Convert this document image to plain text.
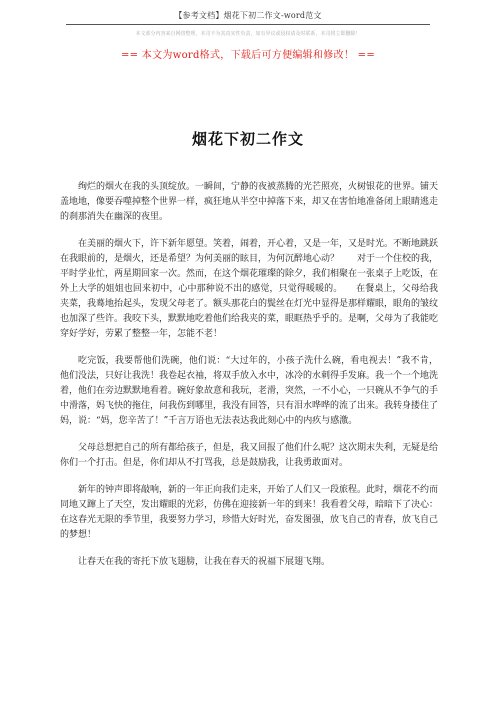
【参考文档】烟花下初二作文-word范文
本文部分内容来自网络整理，本司不为其真实性负责，如有异议或侵权请及时联系，本司将立即删除！
== 本文为word格式，下载后可方便编辑和修改！ ==
烟花下初二作文

绚烂的烟火在我的头顶绽放。一瞬间，宁静的夜被蒸腾的光芒照亮，火树银花的世界。铺天盖地地，像要吞噬掉整个世界一样，疯狂地从半空中掉落下来，却又在害怕地准备闭上眼睛逃走的刹那消失在幽深的夜里。

在美丽的烟火下，许下新年愿望。笑着，闹着，开心着，又是一年，又是时光。不断地跳跃在我眼前的，是烟火，还是希望？为何美丽的眩目，为何沉醉地心动？　　对于一个住校的我，平时学业忙，两星期回家一次。然而，在这个烟花璀璨的除夕，我们相聚在一张桌子上吃饭，在外上大学的姐姐也回来初中，心中那种说不出的感觉，只觉得暖暖的。　　在餐桌上，父母给我夹菜，我蓦地抬起头，发现父母老了。额头那花白的鬓丝在灯光中显得是那样耀眼，眼角的皱纹也加深了些许。我咬下头，默默地吃着他们给我夹的菜，眼眶热乎乎的。是啊，父母为了我能吃穿好学好，劳累了整整一年，怎能不老！

吃完饭，我要帮他们洗碗，他们说：“大过年的，小孩子洗什么碗，看电视去！”我不肯，他们没法，只好让我洗！我卷起衣袖，将双手放入水中，冰冷的水刺得手发麻。我一个一个地洗着，他们在旁边默默地看着。碗好象故意和我玩，老滑，突然，一不小心，一只碗从不争气的手中滑落，妈飞快的拖住，问我伤到哪里，我没有回答，只有泪水哗哗的流了出来。我转身搂住了妈，说：“妈，您辛苦了！”千言万语也无法表达我此刻心中的内疚与感激。

父母总想把自己的所有都给孩子，但是，我又回报了他们什么呢？这次期末失利，无疑是给你们一个打击。但是，你们却从不打骂我，总是鼓励我，让我勇敢面对。

新年的钟声即将敲响，新的一年正向我们走来，开始了人们又一段旅程。此时，烟花不约而同地又蹿上了天空，发出耀眼的光彩，仿佛在迎接新一年的到来！我看着父母，暗暗下了决心：在这春光无限的季节里，我要努力学习，珍惜大好时光，奋发图强，放飞自己的青春，放飞自己的梦想！

让春天在我的寄托下放飞翅膀，让我在春天的祝福下展翅飞翔。
